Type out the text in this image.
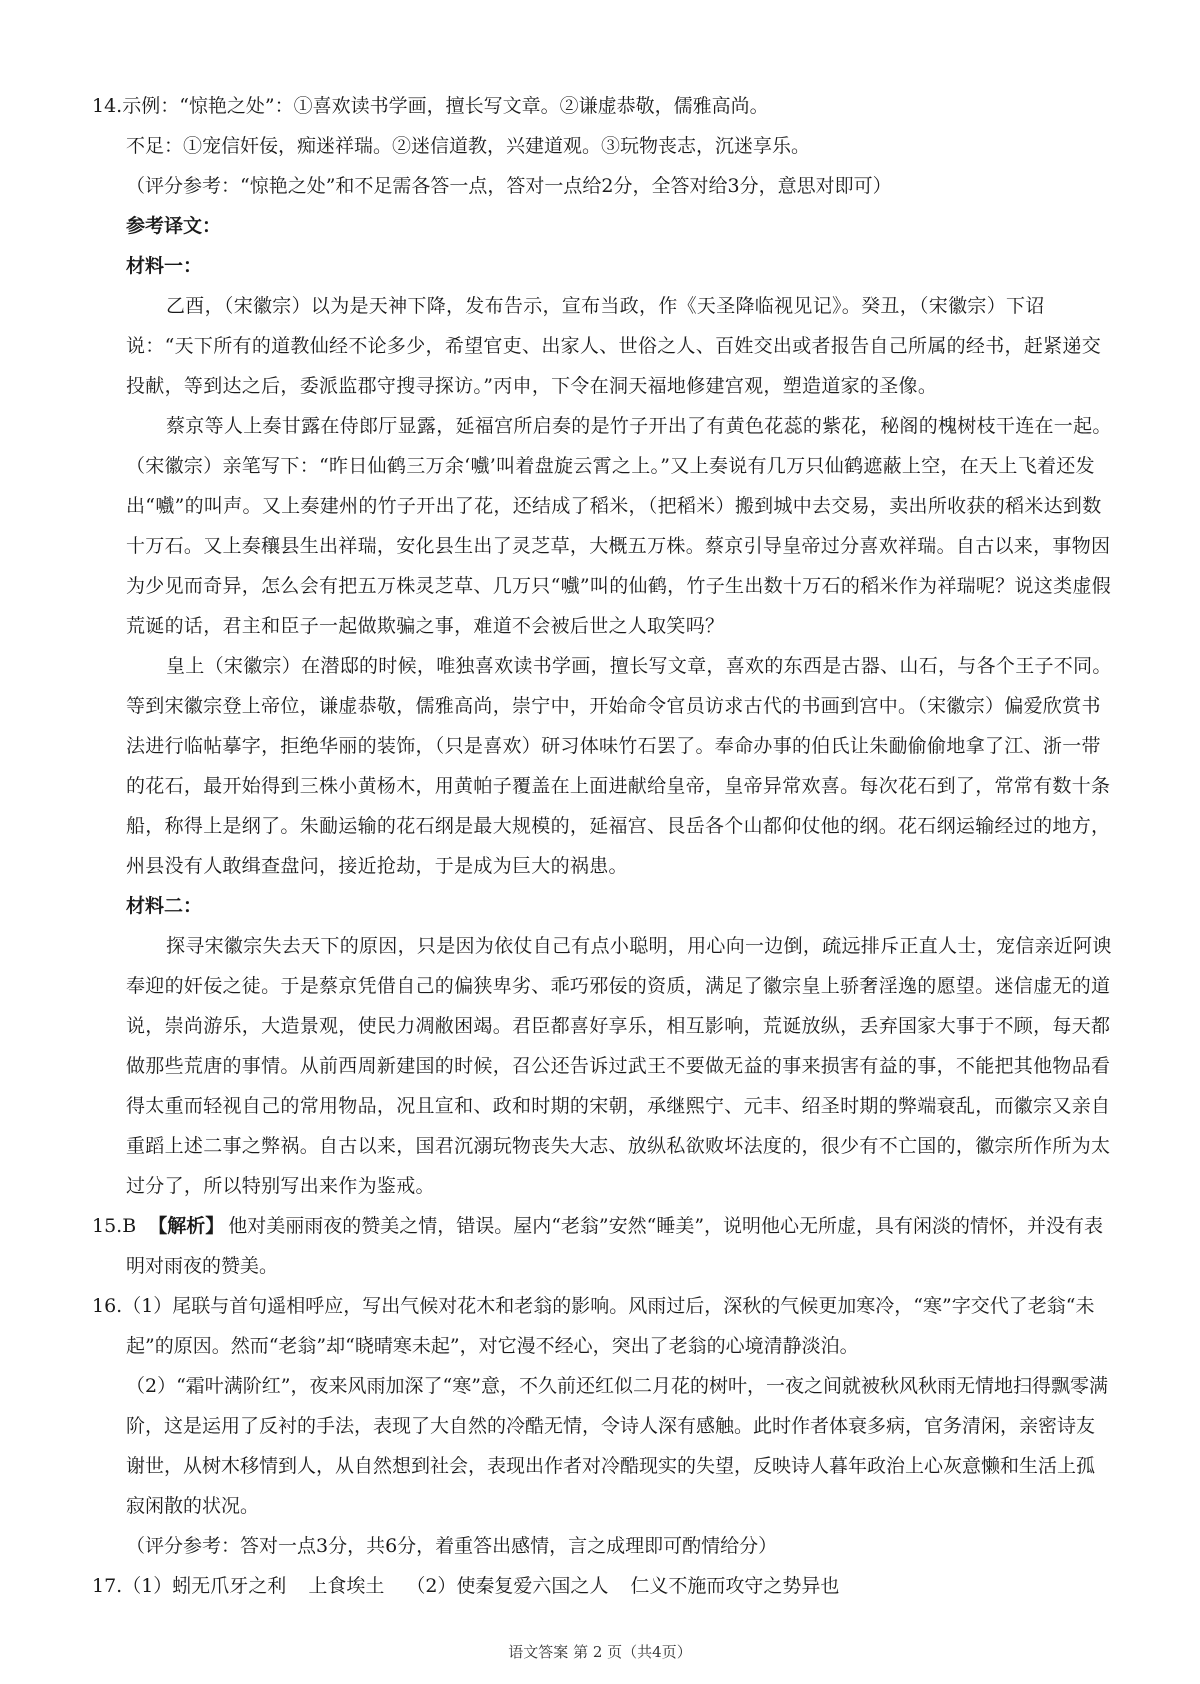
14.示例：“惊艳之处”：①喜欢读书学画，擅长写文章。②谦虚恭敬，儒雅高尚。

不足：①宠信奸佞，痴迷祥瑞。②迷信道教，兴建道观。③玩物丧志，沉迷享乐。

（评分参考：“惊艳之处”和不足需各答一点，答对一点给2分，全答对给3分，意思对即可）

参考译文：

材料一：

乙酉，（宋徽宗）以为是天神下降，发布告示，宣布当政，作《天圣降临视见记》。癸丑，（宋徽宗）下诏说：“天下所有的道教仙经不论多少，希望官吏、出家人、世俗之人、百姓交出或者报告自己所属的经书，赶紧递交投献，等到达之后，委派监郡守搜寻探访。”丙申，下令在洞天福地修建宫观，塑造道家的圣像。

蔡京等人上奏甘露在侍郎厅显露，延福宫所启奏的是竹子开出了有黄色花蕊的紫花，秘阁的槐树枝干连在一起。（宋徽宗）亲笔写下：“昨日仙鹤三万余‘嚱’叫着盘旋云霄之上。”又上奏说有几万只仙鹤遮蔽上空，在天上飞着还发出“嚱”的叫声。又上奏建州的竹子开出了花，还结成了稻米，（把稻米）搬到城中去交易，卖出所收获的稻米达到数十万石。又上奏穰县生出祥瑞，安化县生出了灵芝草，大概五万株。蔡京引导皇帝过分喜欢祥瑞。自古以来，事物因为少见而奇异，怎么会有把五万株灵芝草、几万只“嚱”叫的仙鹤，竹子生出数十万石的稻米作为祥瑞呢？说这类虚假荒诞的话，君主和臣子一起做欺骗之事，难道不会被后世之人取笑吗？

皇上（宋徽宗）在潜邸的时候，唯独喜欢读书学画，擅长写文章，喜欢的东西是古器、山石，与各个王子不同。等到宋徽宗登上帝位，谦虚恭敬，儒雅高尚，崇宁中，开始命令官员访求古代的书画到宫中。（宋徽宗）偏爱欣赏书法进行临帖摹字，拒绝华丽的装饰，（只是喜欢）研习体味竹石罢了。奉命办事的伯氏让朱勔偷偷地拿了江、浙一带的花石，最开始得到三株小黄杨木，用黄帕子覆盖在上面进献给皇帝，皇帝异常欢喜。每次花石到了，常常有数十条船，称得上是纲了。朱勔运输的花石纲是最大规模的，延福宫、艮岳各个山都仰仗他的纲。花石纲运输经过的地方，州县没有人敢缉查盘问，接近抢劫，于是成为巨大的祸患。

材料二：

探寻宋徽宗失去天下的原因，只是因为依仗自己有点小聪明，用心向一边倒，疏远排斥正直人士，宠信亲近阿谀奉迎的奸佞之徒。于是蔡京凭借自己的偏狭卑劣、乖巧邪佞的资质，满足了徽宗皇上骄奢淫逸的愿望。迷信虚无的道说，崇尚游乐，大造景观，使民力凋敝困竭。君臣都喜好享乐，相互影响，荒诞放纵，丢弃国家大事于不顾，每天都做那些荒唐的事情。从前西周新建国的时候，召公还告诉过武王不要做无益的事来损害有益的事，不能把其他物品看得太重而轻视自己的常用物品，况且宣和、政和时期的宋朝，承继熙宁、元丰、绍圣时期的弊端衰乱，而徽宗又亲自重蹈上述二事之弊祸。自古以来，国君沉溺玩物丧失大志、放纵私欲败坏法度的，很少有不亡国的，徽宗所作所为太过分了，所以特别写出来作为鉴戒。

15.B 【解析】 他对美丽雨夜的赞美之情，错误。屋内“老翁”安然“睡美”，说明他心无所虚，具有闲淡的情怀，并没有表明对雨夜的赞美。

16.（1）尾联与首句遥相呼应，写出气候对花木和老翁的影响。风雨过后，深秋的气候更加寒冷，“寒”字交代了老翁“未起”的原因。然而“老翁”却“晓晴寒未起”，对它漫不经心，突出了老翁的心境清静淡泊。

（2）“霜叶满阶红”，夜来风雨加深了“寒”意，不久前还红似二月花的树叶，一夜之间就被秋风秋雨无情地扫得飘零满阶，这是运用了反衬的手法，表现了大自然的冷酷无情，令诗人深有感触。此时作者体衰多病，官务清闲，亲密诗友谢世，从树木移情到人，从自然想到社会，表现出作者对冷酷现实的失望，反映诗人暮年政治上心灰意懒和生活上孤寂闲散的状况。

（评分参考：答对一点3分，共6分，着重答出感情，言之成理即可酌情给分）

17.（1）蚓无爪牙之利 上食埃土 （2）使秦复爱六国之人 仁义不施而攻守之势异也

语文答案 第 2 页（共4页）
